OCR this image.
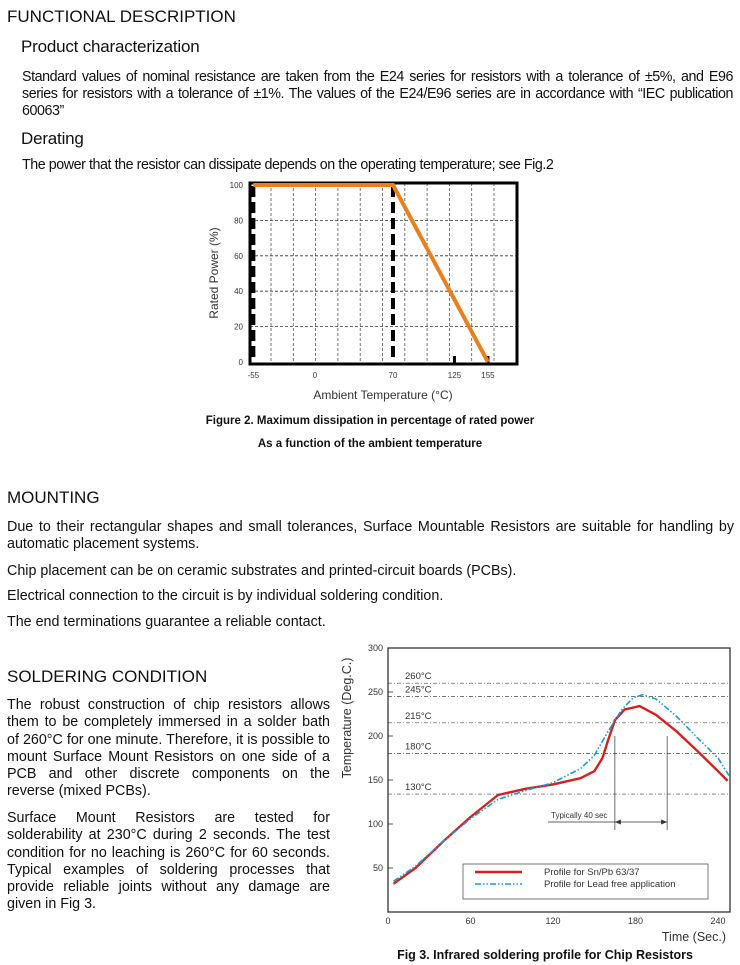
FUNCTIONAL DESCRIPTION
Product characterization

Standard values of nominal resistance are taken from the E24 series for resistors with a tolerance of ±5%, and E96 series for resistors with a tolerance of ±1%. The values of the E24/E96 series are in accordance with “IEC publication 60063”

Derating

The power that the resistor can dissipate depends on the operating temperature; see Fig.2

Figure 2. Maximum dissipation in percentage of rated power
As a function of the ambient temperature
MOUNTING

Due to their rectangular shapes and small tolerances, Surface Mountable Resistors are suitable for handling by automatic placement systems.

Chip placement can be on ceramic substrates and printed-circuit boards (PCBs).

Electrical connection to the circuit is by individual soldering condition.

The end terminations guarantee a reliable contact.

SOLDERING CONDITION

The robust construction of chip resistors allows them to be completely immersed in a solder bath of 260°C for one minute. Therefore, it is possible to mount Surface Mount Resistors on one side of a PCB and other discrete components on the reverse (mixed PCBs).

Surface Mount Resistors are tested for solderability at 230°C during 2 seconds. The test condition for no leaching is 260°C for 60 seconds. Typical examples of soldering processes that provide reliable joints without any damage are given in Fig 3.

Fig 3. Infrared soldering profile for Chip Resistors
0
20
40
60
80
100
-55	0	70	125	155
Ambient Temperature (°C)
Rated Power (%)
260°C
245°C
215°C
180°C
130°C
50
100
150
200
250
300
0	60	120	180	240
Typically 40 sec
Profile for Sn/Pb 63/37
Profile for Lead free application
Time (Sec.)
Temperature (Deg.C.)
